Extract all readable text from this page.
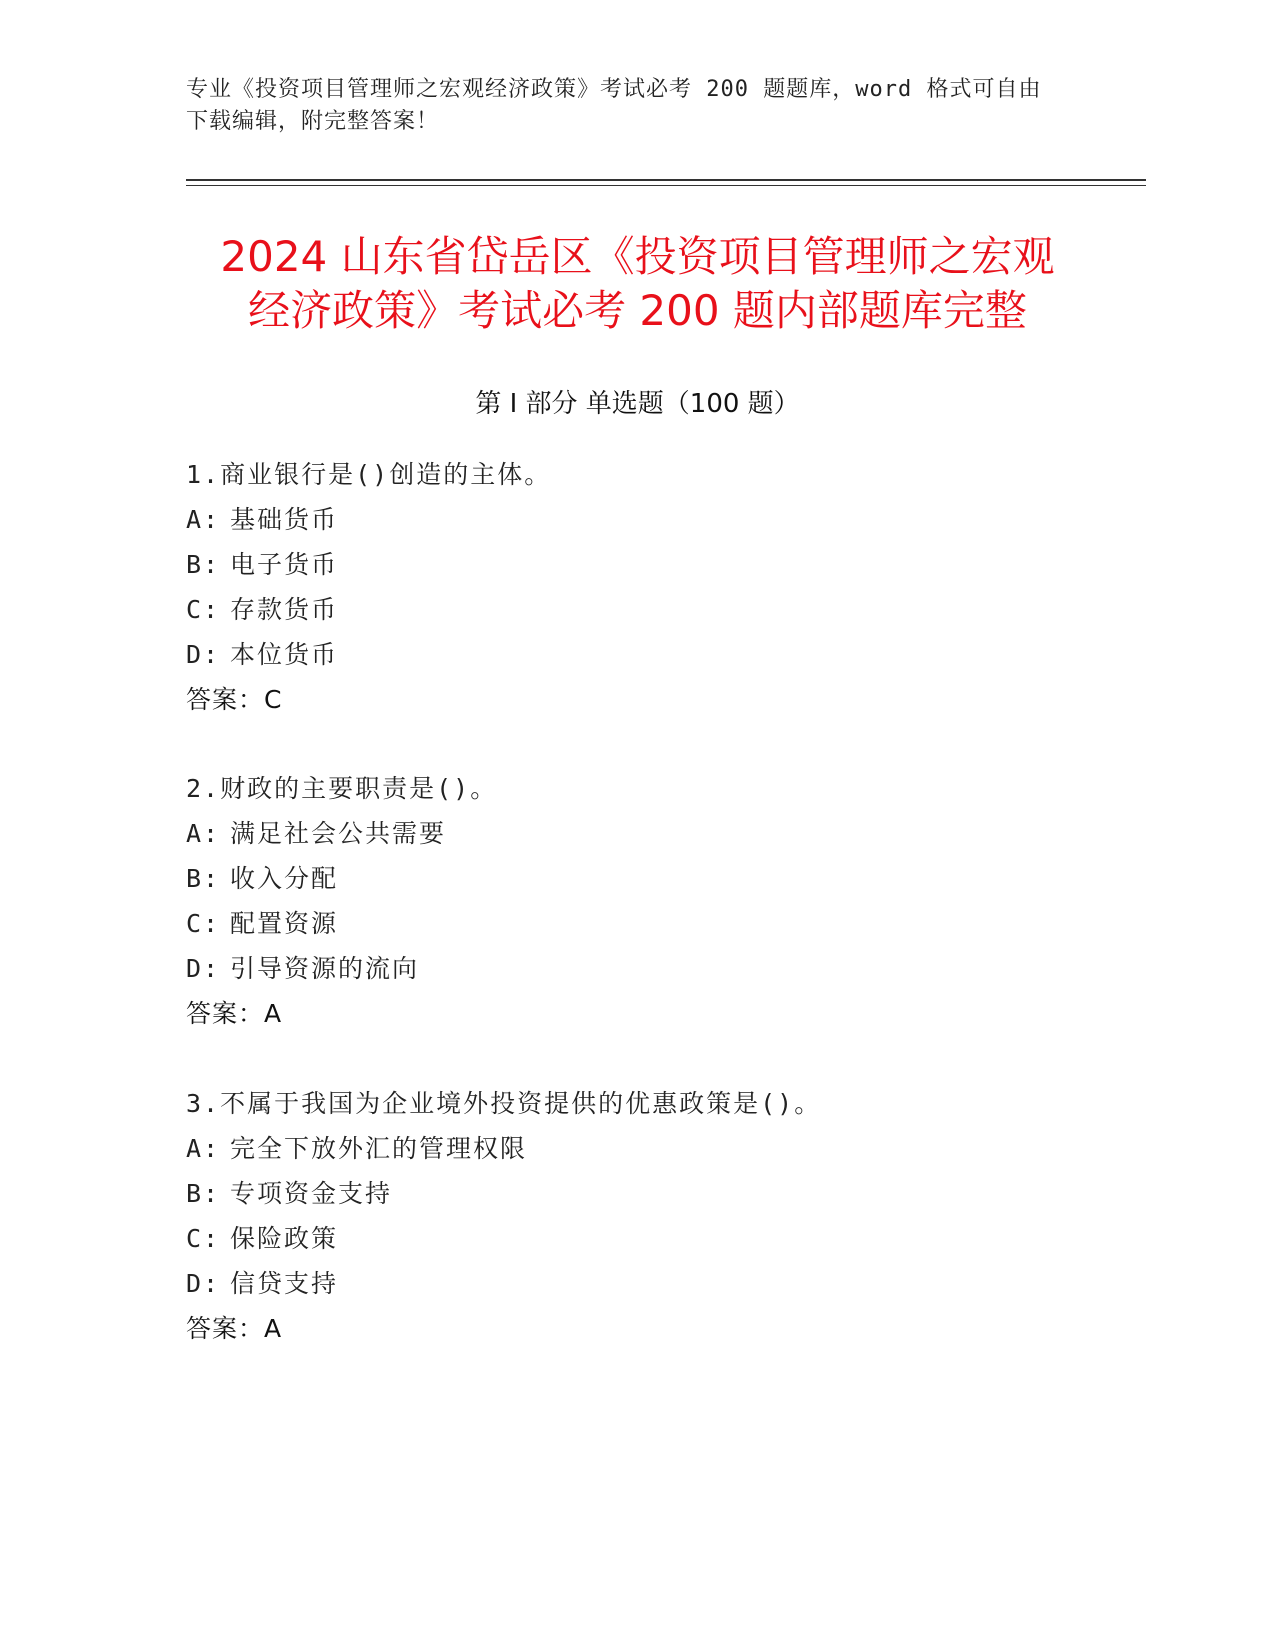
专业《投资项目管理师之宏观经济政策》考试必考 200 题题库，word 格式可自由
下载编辑，附完整答案！
2024 山东省岱岳区《投资项目管理师之宏观
经济政策》考试必考 200 题内部题库完整
第 I 部分 单选题（100 题）
1.商业银行是()创造的主体。
A: 基础货币
B: 电子货币
C: 存款货币
D: 本位货币
答案：C
2.财政的主要职责是()。
A: 满足社会公共需要
B: 收入分配
C: 配置资源
D: 引导资源的流向
答案：A
3.不属于我国为企业境外投资提供的优惠政策是()。
A: 完全下放外汇的管理权限
B: 专项资金支持
C: 保险政策
D: 信贷支持
答案：A
